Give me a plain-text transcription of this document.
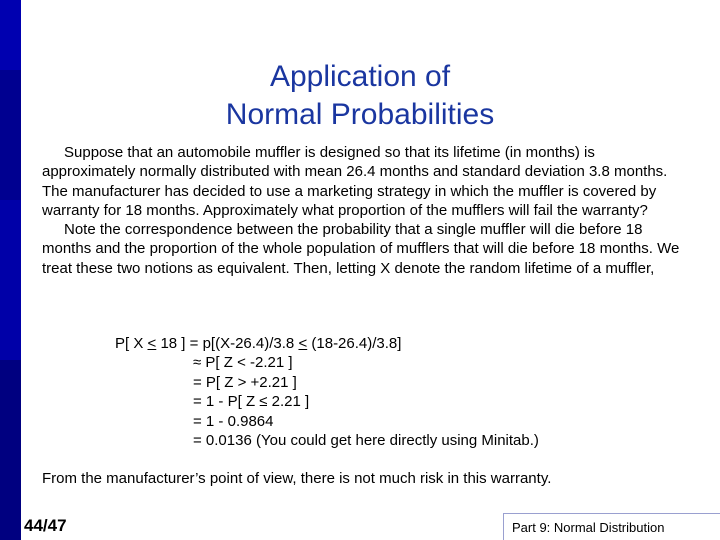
Application of
Normal Probabilities

Suppose that an automobile muffler is designed so that its lifetime (in months) is approximately normally distributed with mean 26.4 months and standard deviation 3.8 months. The manufacturer has decided to use a marketing strategy in which the muffler is covered by warranty for 18 months. Approximately what proportion of the mufflers will fail the warranty?

Note the correspondence between the probability that a single muffler will die before 18 months and the proportion of the whole population of mufflers that will die before 18 months. We treat these two notions as equivalent. Then, letting X denote the random lifetime of a muffler,

P[ X ≤ 18 ] = p[(X-26.4)/3.8 ≤ (18-26.4)/3.8]
≈ P[ Z < -2.21 ]
= P[ Z > +2.21 ]
= 1 - P[ Z ≤ 2.21 ]
= 1 - 0.9864
= 0.0136 (You could get here directly using Minitab.)
From the manufacturer’s point of view, there is not much risk in this warranty.
44/47	Part 9: Normal Distribution
